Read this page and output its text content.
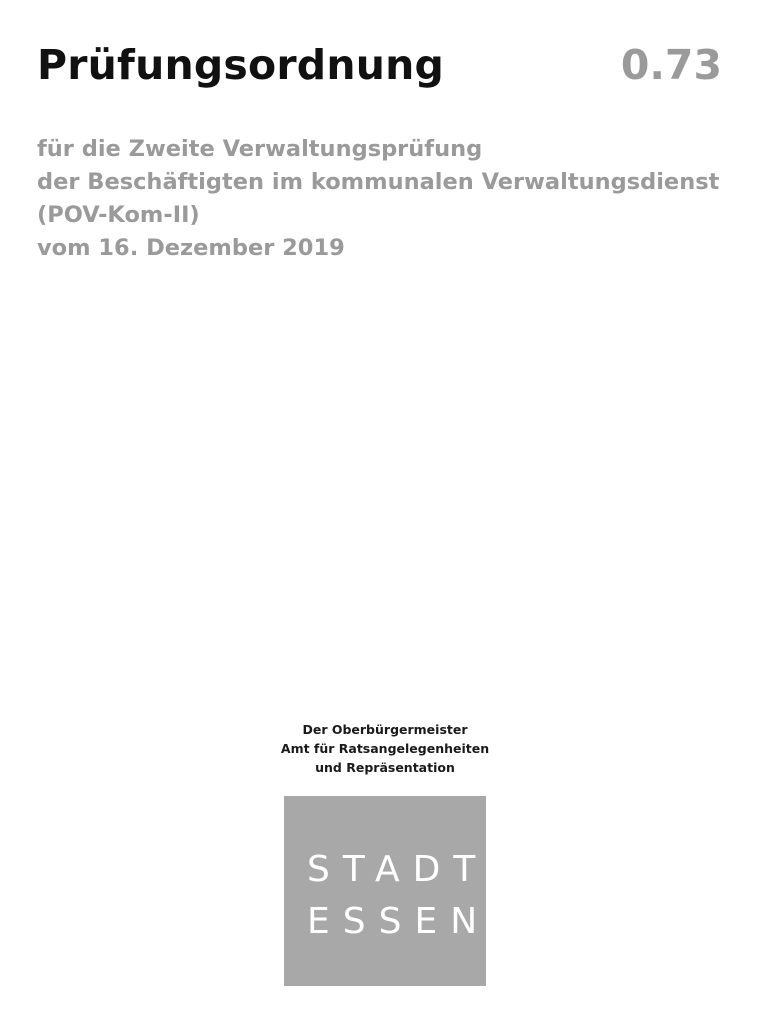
Prüfungsordnung	0.73
für die Zweite Verwaltungsprüfung
der Beschäftigten im kommunalen Verwaltungsdienst
(POV-Kom-II)
vom 16. Dezember 2019
Der Oberbürgermeister
Amt für Ratsangelegenheiten
und Repräsentation
STADT
ESSEN
